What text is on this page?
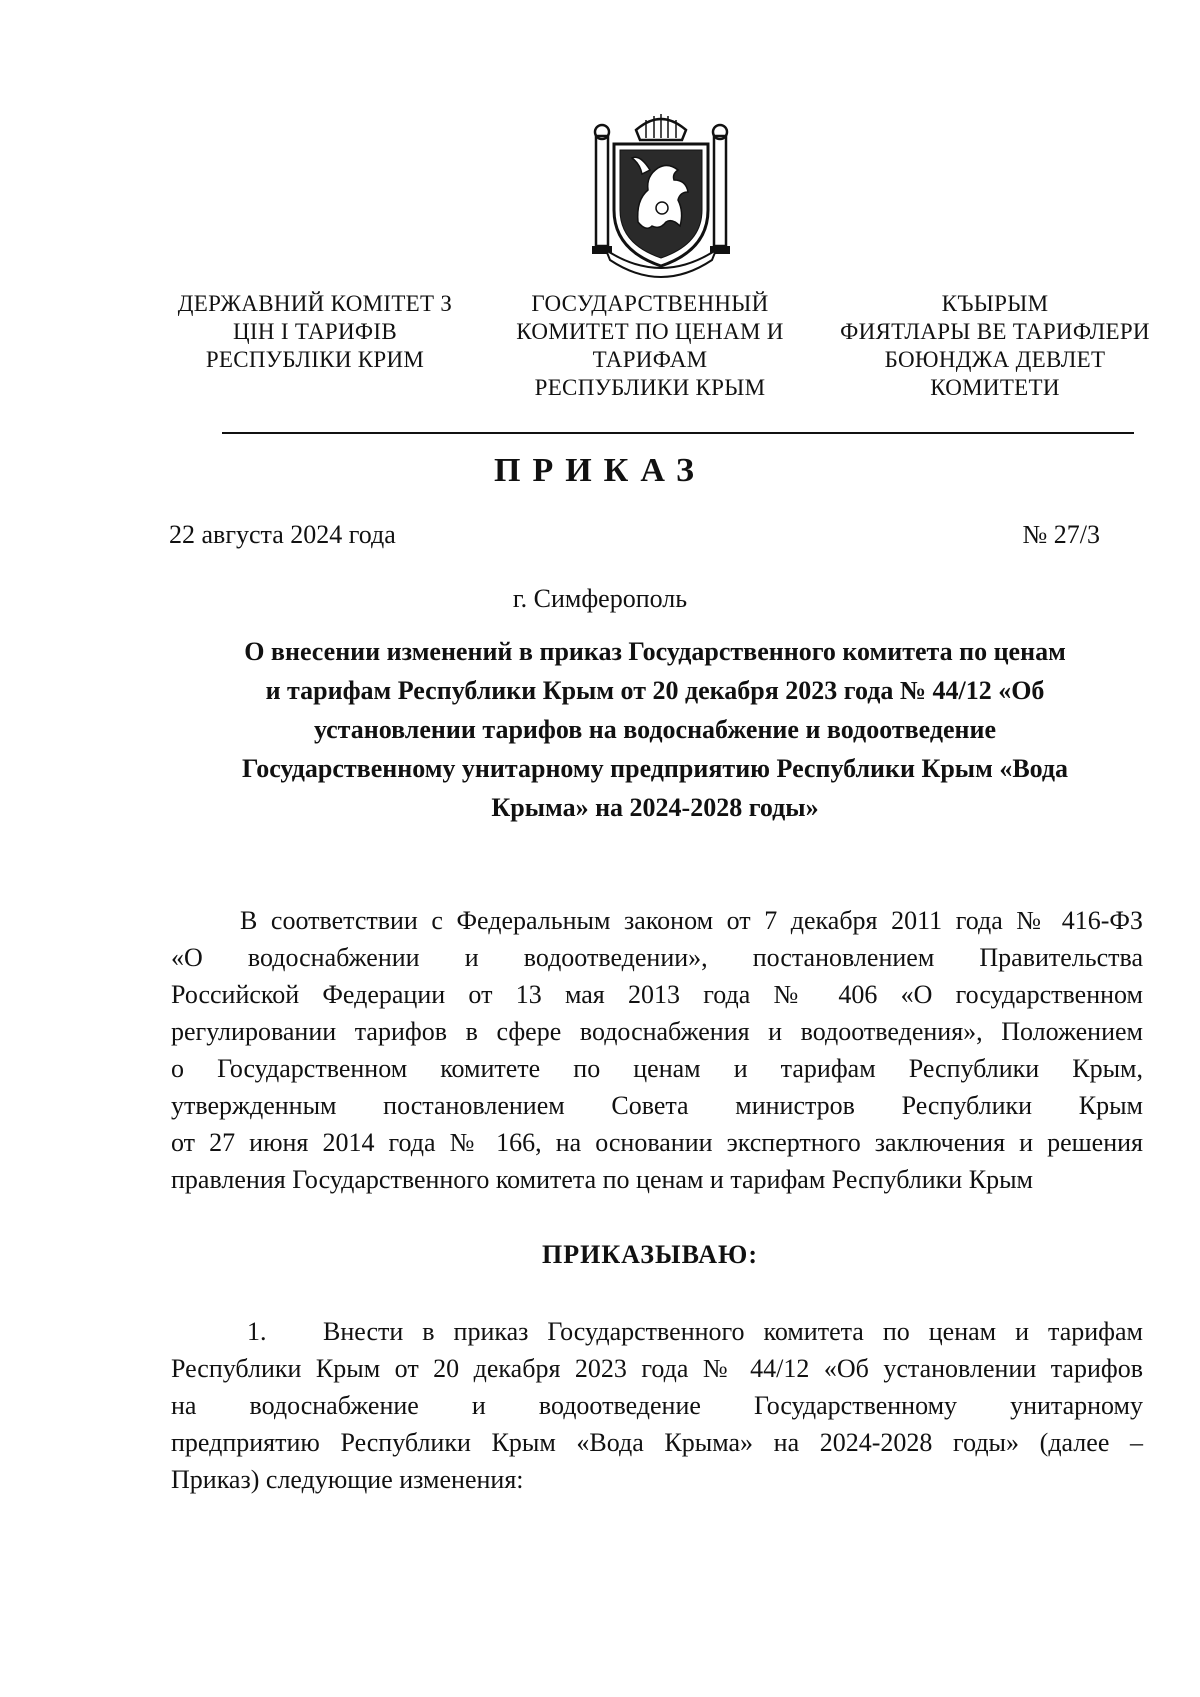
ДЕРЖАВНИЙ КОМІТЕТ З
ЦІН І ТАРИФІВ
РЕСПУБЛІКИ КРИМ
ГОСУДАРСТВЕННЫЙ
КОМИТЕТ ПО ЦЕНАМ И
ТАРИФАМ
РЕСПУБЛИКИ КРЫМ
КЪЫРЫМ
ФИЯТЛАРЫ ВЕ ТАРИФЛЕРИ
БОЮНДЖА ДЕВЛЕТ
КОМИТЕТИ
ПРИКАЗ
22 августа 2024 года	№ 27/3
г. Симферополь
О внесении изменений в приказ Государственного комитета по ценам
и тарифам Республики Крым от 20 декабря 2023 года № 44/12 «Об
установлении тарифов на водоснабжение и водоотведение
Государственному унитарному предприятию Республики Крым «Вода
Крыма» на 2024-2028 годы»
В соответствии с Федеральным законом от 7 декабря 2011 года № 416-ФЗ
«О водоснабжении и водоотведении», постановлением Правительства
Российской Федерации от 13 мая 2013 года № 406 «О государственном
регулировании тарифов в сфере водоснабжения и водоотведения», Положением
о Государственном комитете по ценам и тарифам Республики Крым,
утвержденным постановлением Совета министров Республики Крым
от 27 июня 2014 года № 166, на основании экспертного заключения и решения
правления Государственного комитета по ценам и тарифам Республики Крым
ПРИКАЗЫВАЮ:
1. Внести в приказ Государственного комитета по ценам и тарифам
Республики Крым от 20 декабря 2023 года № 44/12 «Об установлении тарифов
на водоснабжение и водоотведение Государственному унитарному
предприятию Республики Крым «Вода Крыма» на 2024-2028 годы» (далее –
Приказ) следующие изменения:
